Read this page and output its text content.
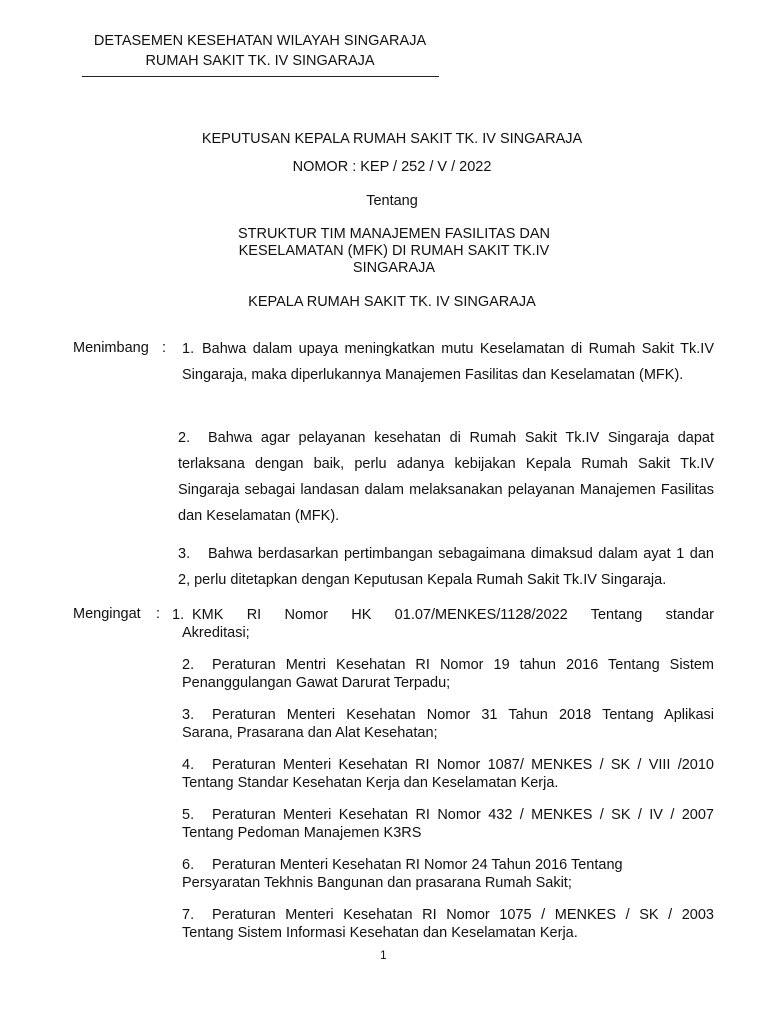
DETASEMEN KESEHATAN WILAYAH SINGARAJA
RUMAH SAKIT TK. IV SINGARAJA
KEPUTUSAN KEPALA RUMAH SAKIT TK. IV SINGARAJA
NOMOR : KEP / 252 / V / 2022
Tentang
STRUKTUR TIM MANAJEMEN FASILITAS DAN
KESELAMATAN (MFK) DI RUMAH SAKIT TK.IV
SINGARAJA
KEPALA RUMAH SAKIT TK. IV SINGARAJA
Menimbang : 1. Bahwa dalam upaya meningkatkan mutu Keselamatan di Rumah Sakit Tk.IV Singaraja, maka diperlukannya Manajemen Fasilitas dan Keselamatan (MFK).
2. Bahwa agar pelayanan kesehatan di Rumah Sakit Tk.IV Singaraja dapat terlaksana dengan baik, perlu adanya kebijakan Kepala Rumah Sakit Tk.IV Singaraja sebagai landasan dalam melaksanakan pelayanan Manajemen Fasilitas dan Keselamatan (MFK).
3. Bahwa berdasarkan pertimbangan sebagaimana dimaksud dalam ayat 1 dan 2, perlu ditetapkan dengan Keputusan Kepala Rumah Sakit Tk.IV Singaraja.
Mengingat : 1. KMK RI Nomor HK 01.07/MENKES/1128/2022 Tentang standar
Akreditasi;
2. Peraturan Mentri Kesehatan RI Nomor 19 tahun 2016 Tentang Sistem
Penanggulangan Gawat Darurat Terpadu;
3. Peraturan Menteri Kesehatan Nomor 31 Tahun 2018 Tentang Aplikasi
Sarana, Prasarana dan Alat Kesehatan;
4. Peraturan Menteri Kesehatan RI Nomor 1087/ MENKES / SK / VIII /2010
Tentang Standar Kesehatan Kerja dan Keselamatan Kerja.
5. Peraturan Menteri Kesehatan RI Nomor 432 / MENKES / SK / IV / 2007
Tentang Pedoman Manajemen K3RS
6. Peraturan Menteri Kesehatan RI Nomor 24 Tahun 2016 Tentang
Persyaratan Tekhnis Bangunan dan prasarana Rumah Sakit;
7. Peraturan Menteri Kesehatan RI Nomor 1075 / MENKES / SK / 2003
Tentang Sistem Informasi Kesehatan dan Keselamatan Kerja.
1
